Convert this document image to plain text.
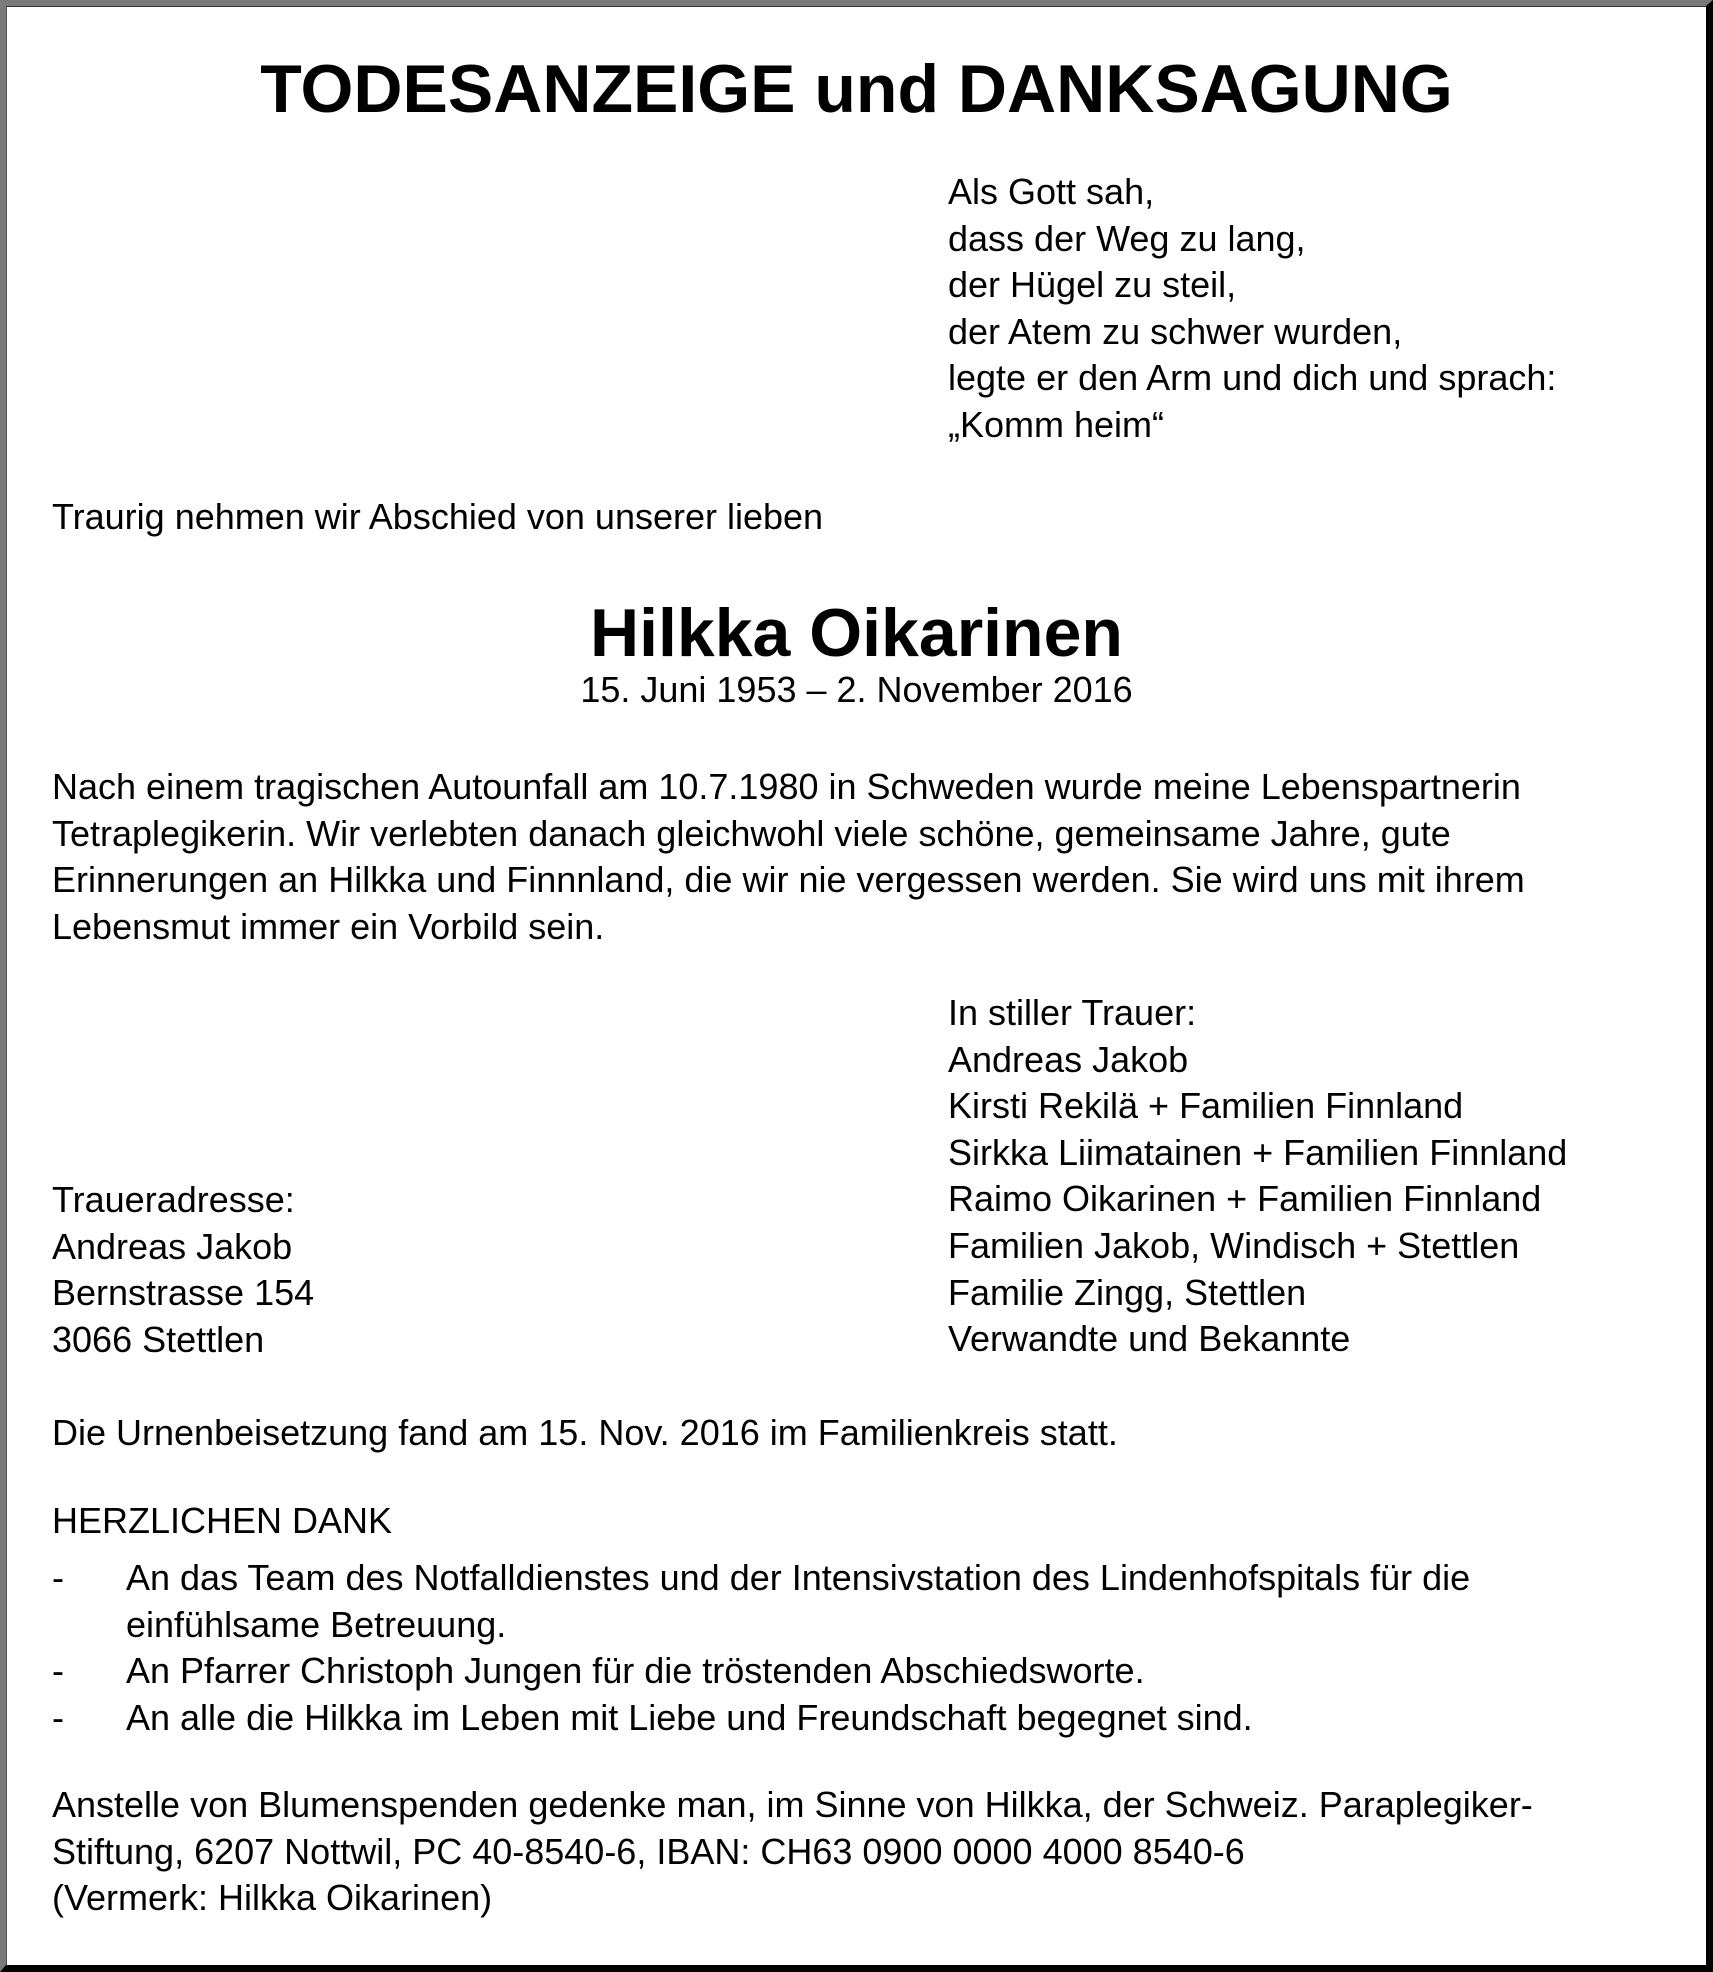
TODESANZEIGE und DANKSAGUNG
Als Gott sah,
dass der Weg zu lang,
der Hügel zu steil,
der Atem zu schwer wurden,
legte er den Arm und dich und sprach:
„Komm heim“
Traurig nehmen wir Abschied von unserer lieben
Hilkka Oikarinen
15. Juni 1953 – 2. November 2016
Nach einem tragischen Autounfall am 10.7.1980 in Schweden wurde meine Lebenspartnerin
Tetraplegikerin. Wir verlebten danach gleichwohl viele schöne, gemeinsame Jahre, gute
Erinnerungen an Hilkka und Finnnland, die wir nie vergessen werden. Sie wird uns mit ihrem
Lebensmut immer ein Vorbild sein.
In stiller Trauer:
Andreas Jakob
Kirsti Rekilä + Familien Finnland
Sirkka Liimatainen + Familien Finnland
Raimo Oikarinen + Familien Finnland
Familien Jakob, Windisch + Stettlen
Familie Zingg, Stettlen
Verwandte und Bekannte
Traueradresse:
Andreas Jakob
Bernstrasse 154
3066 Stettlen
Die Urnenbeisetzung fand am 15. Nov. 2016 im Familienkreis statt.
HERZLICHEN DANK
- An das Team des Notfalldienstes und der Intensivstation des Lindenhofspitals für die
einfühlsame Betreuung.
- An Pfarrer Christoph Jungen für die tröstenden Abschiedsworte.
- An alle die Hilkka im Leben mit Liebe und Freundschaft begegnet sind.
Anstelle von Blumenspenden gedenke man, im Sinne von Hilkka, der Schweiz. Paraplegiker-
Stiftung, 6207 Nottwil, PC 40-8540-6, IBAN: CH63 0900 0000 4000 8540-6
(Vermerk: Hilkka Oikarinen)
